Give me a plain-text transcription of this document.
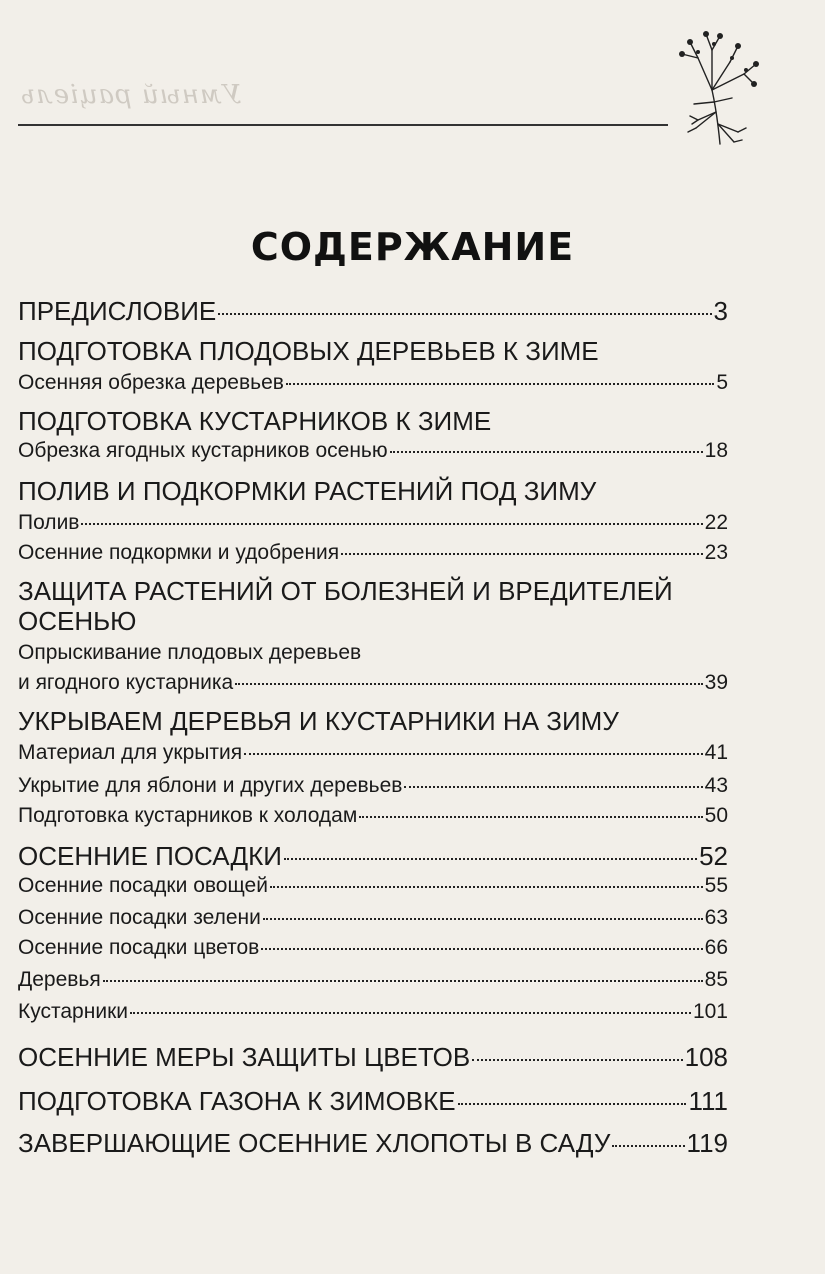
Умный рацiель
СОДЕРЖАНИЕ
ПРЕДИСЛОВИЕ	3
ПОДГОТОВКА ПЛОДОВЫХ ДЕРЕВЬЕВ К ЗИМЕ
Осенняя обрезка деревьев	5
ПОДГОТОВКА КУСТАРНИКОВ К ЗИМЕ
Обрезка ягодных кустарников осенью	18
ПОЛИВ И ПОДКОРМКИ РАСТЕНИЙ ПОД ЗИМУ
Полив	22
Осенние подкормки и удобрения	23
ЗАЩИТА РАСТЕНИЙ ОТ БОЛЕЗНЕЙ И ВРЕДИТЕЛЕЙ
ОСЕНЬЮ
Опрыскивание плодовых деревьев
и ягодного кустарника	39
УКРЫВАЕМ ДЕРЕВЬЯ И КУСТАРНИКИ НА ЗИМУ
Материал для укрытия	41
Укрытие для яблони и других деревьев	43
Подготовка кустарников к холодам	50
ОСЕННИЕ ПОСАДКИ	52
Осенние посадки овощей	55
Осенние посадки зелени	63
Осенние посадки цветов	66
Деревья	85
Кустарники	101
ОСЕННИЕ МЕРЫ ЗАЩИТЫ ЦВЕТОВ	108
ПОДГОТОВКА ГАЗОНА К ЗИМОВКЕ	111
ЗАВЕРШАЮЩИЕ ОСЕННИЕ ХЛОПОТЫ В САДУ	119
